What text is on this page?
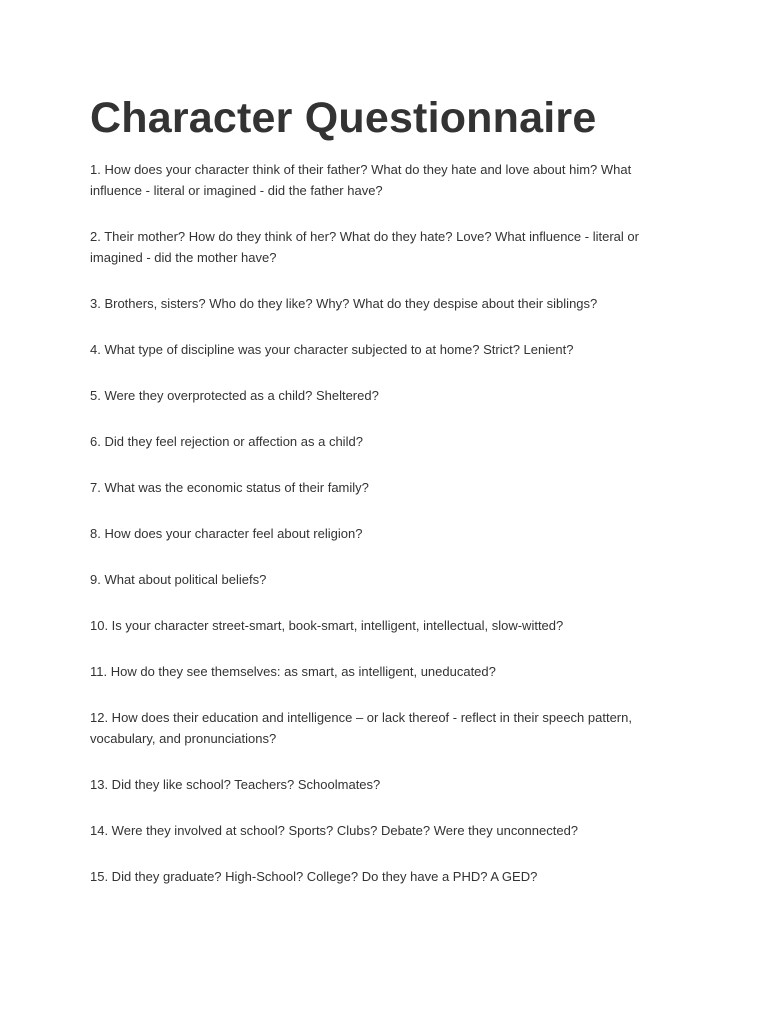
Character Questionnaire
1. How does your character think of their father? What do they hate and love about him? What influence - literal or imagined - did the father have?
2. Their mother? How do they think of her? What do they hate? Love? What influence - literal or imagined - did the mother have?
3. Brothers, sisters? Who do they like? Why? What do they despise about their siblings?
4. What type of discipline was your character subjected to at home? Strict? Lenient?
5. Were they overprotected as a child? Sheltered?
6. Did they feel rejection or affection as a child?
7. What was the economic status of their family?
8. How does your character feel about religion?
9. What about political beliefs?
10. Is your character street-smart, book-smart, intelligent, intellectual, slow-witted?
11. How do they see themselves: as smart, as intelligent, uneducated?
12. How does their education and intelligence – or lack thereof - reflect in their speech pattern, vocabulary, and pronunciations?
13. Did they like school? Teachers? Schoolmates?
14. Were they involved at school? Sports? Clubs? Debate? Were they unconnected?
15. Did they graduate? High-School? College? Do they have a PHD? A GED?
